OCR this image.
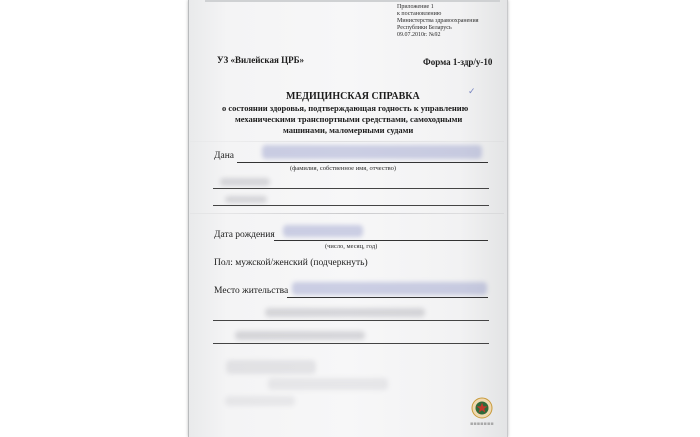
Приложение 1
к постановлению
Министерства здравоохранения
Республики Беларусь
09.07.2010г. №92
УЗ «Вилейская ЦРБ»	Форма 1-здр/у-10
МЕДИЦИНСКАЯ СПРАВКА
о состоянии здоровья, подтверждающая годность к управлению
механическими транспортными средствами, самоходными
машинами, маломерными судами
✓
Дана
(фамилия, собственное имя, отчество)
Дата рождения
(число, месяц, год)
Пол: мужской/женский (подчеркнуть)
Место жительства
▪▪▪▪▪▪▪
